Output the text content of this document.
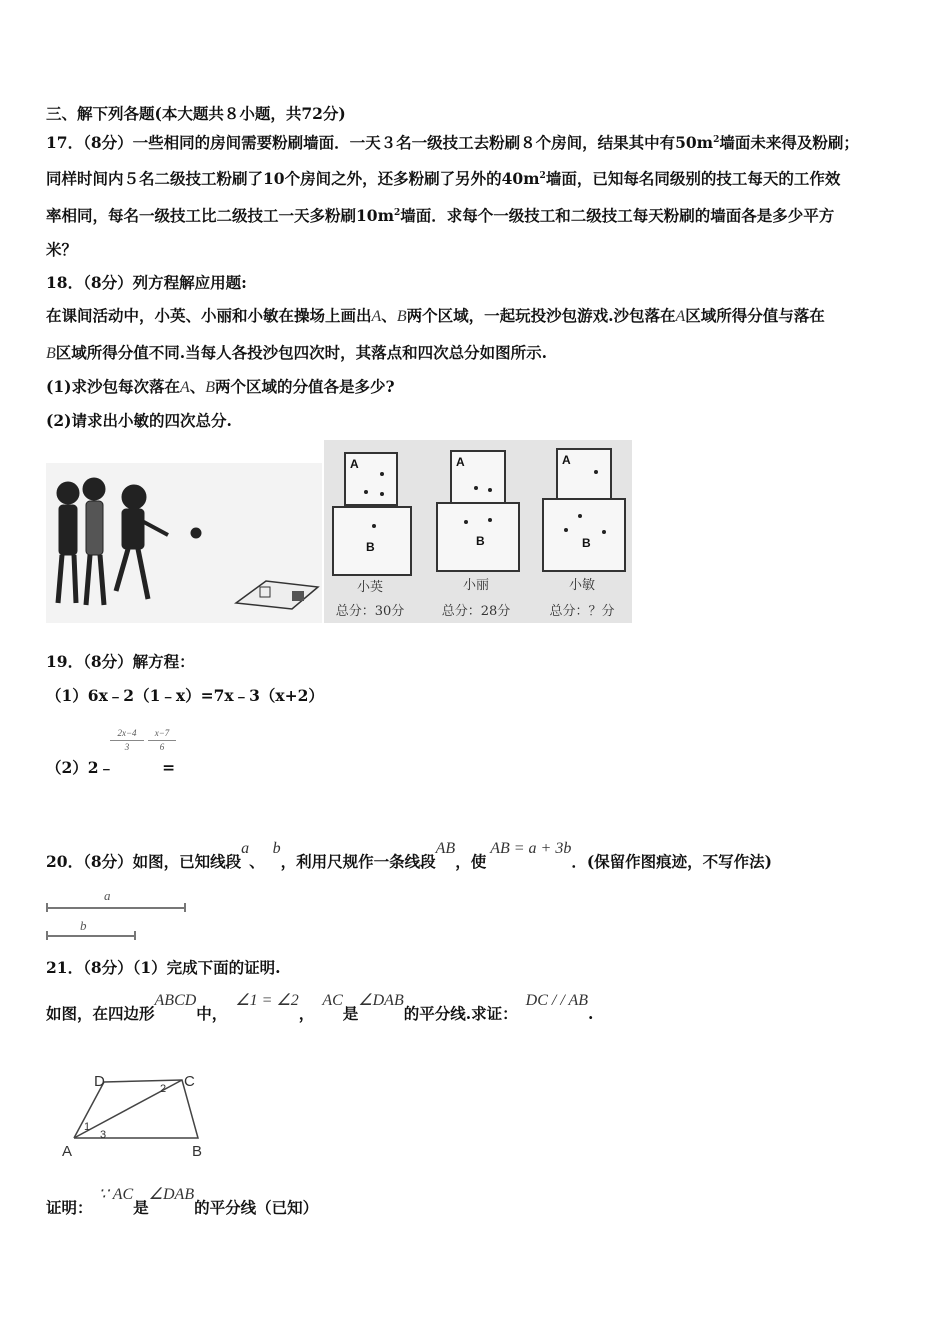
三、解下列各题(本大题共８小题，共72分)
17．（8分）一些相同的房间需要粉刷墙面．一天３名一级技工去粉刷８个房间，结果其中有$50m^2$墙面未来得及粉刷；
同样时间内５名二级技工粉刷了10个房间之外，还多粉刷了另外的$40m^2$墙面，已知每名同级别的技工每天的工作效
率相同，每名一级技工比二级技工一天多粉刷$10m^2$墙面．求每个一级技工和二级技工每天粉刷的墙面各是多少平方
米？
18．（8分）列方程解应用题:
在课间活动中，小英、小丽和小敏在操场上画出A、B两个区域，一起玩投沙包游戏.沙包落在A区域所得分值与落在
B区域所得分值不同.当每人各投沙包四次时，其落点和四次总分如图所示.
(1)求沙包每次落在A、B两个区域的分值各是多少?
(2)请求出小敏的四次总分.
A
B
小英
总分：30分
A
B
小丽
总分：28分
A
B
小敏
总分：？分
19．（8分）解方程：
（1）6x﹣2（1﹣x）=7x﹣3（x+2）
$\frac{2x-4}{3} \frac{x-7}{6}$
（2）2﹣	=
20．（8分）如图，已知线段a、b，利用尺规作一条线段AB，使AB = a + 3b．(保留作图痕迹，不写作法)
a
b
21．（8分）（1）完成下面的证明.
如图，在四边形ABCD中，∠1 = ∠2，AC是∠DAB的平分线.求证：DC / / AB.
D	C
A	B
1
2
3
证明：∵ AC是∠DAB的平分线（已知）
